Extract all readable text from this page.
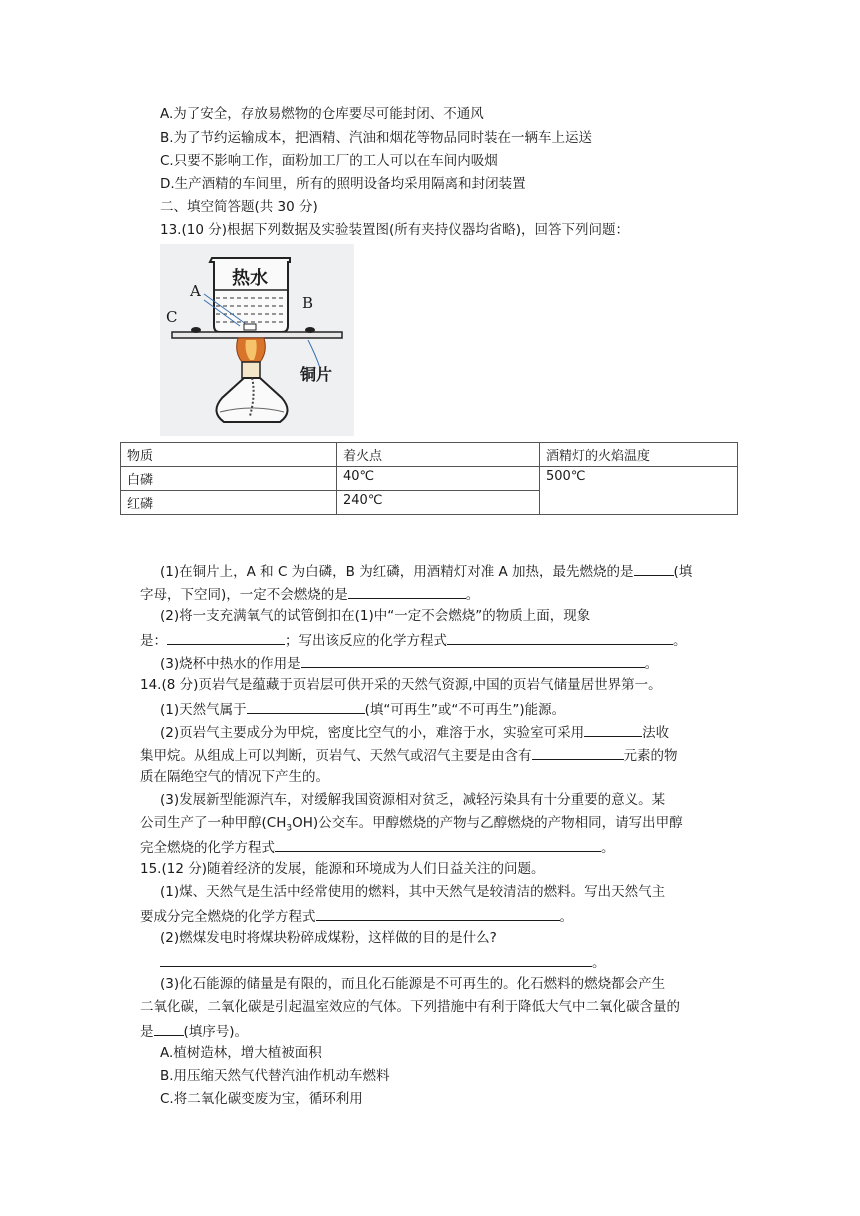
A.为了安全，存放易燃物的仓库要尽可能封闭、不通风
B.为了节约运输成本，把酒精、汽油和烟花等物品同时装在一辆车上运送
C.只要不影响工作，面粉加工厂的工人可以在车间内吸烟
D.生产酒精的车间里，所有的照明设备均采用隔离和封闭装置
二、填空简答题(共 30 分)
13.(10 分)根据下列数据及实验装置图(所有夹持仪器均省略)，回答下列问题：
热水
A
B
C
铜片
物质	着火点	酒精灯的火焰温度
白磷	40℃	500℃
红磷	240℃	
(1)在铜片上，A 和 C 为白磷，B 为红磷，用酒精灯对准 A 加热，最先燃烧的是	(填
字母，下空同)，一定不会燃烧的是	。
(2)将一支充满氧气的试管倒扣在(1)中“一定不会燃烧”的物质上面，现象
是：	；写出该反应的化学方程式	。
(3)烧杯中热水的作用是	。
14.(8 分)页岩气是蕴藏于页岩层可供开采的天然气资源,中国的页岩气储量居世界第一。
(1)天然气属于	(填“可再生”或“不可再生”)能源。
(2)页岩气主要成分为甲烷，密度比空气的小，难溶于水，实验室可采用	法收
集甲烷。从组成上可以判断，页岩气、天然气或沼气主要是由含有	元素的物
质在隔绝空气的情况下产生的。
(3)发展新型能源汽车，对缓解我国资源相对贫乏，减轻污染具有十分重要的意义。某
公司生产了一种甲醇$(CH_3OH)$公交车。甲醇燃烧的产物与乙醇燃烧的产物相同，请写出甲醇
完全燃烧的化学方程式	。
15.(12 分)随着经济的发展，能源和环境成为人们日益关注的问题。
(1)煤、天然气是生活中经常使用的燃料，其中天然气是较清洁的燃料。写出天然气主
要成分完全燃烧的化学方程式	。
(2)燃煤发电时将煤块粉碎成煤粉，这样做的目的是什么?
。
(3)化石能源的储量是有限的，而且化石能源是不可再生的。化石燃料的燃烧都会产生
二氧化碳，二氧化碳是引起温室效应的气体。下列措施中有利于降低大气中二氧化碳含量的
是 (填序号)。
A.植树造林，增大植被面积
B.用压缩天然气代替汽油作机动车燃料
C.将二氧化碳变废为宝，循环利用
